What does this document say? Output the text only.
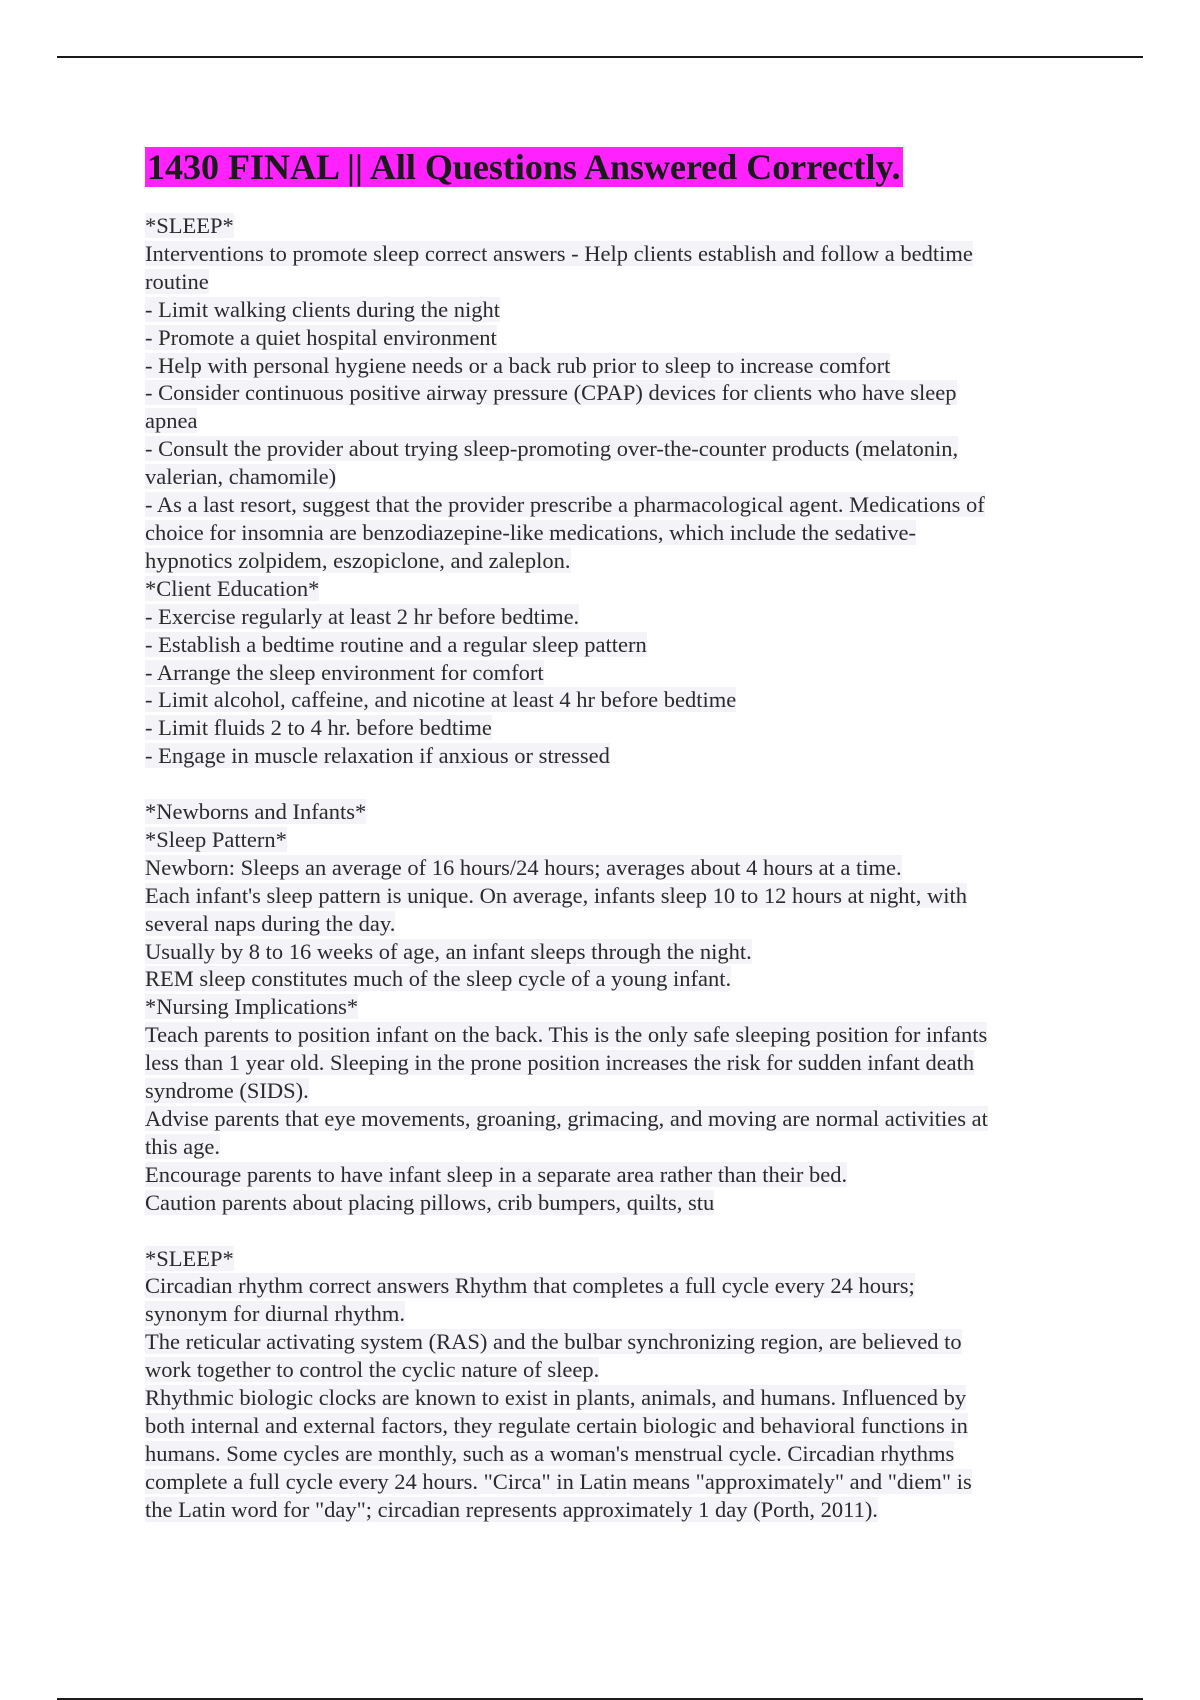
1430 FINAL || All Questions Answered Correctly.
*SLEEP*
Interventions to promote sleep correct answers - Help clients establish and follow a bedtime
routine
- Limit walking clients during the night
- Promote a quiet hospital environment
- Help with personal hygiene needs or a back rub prior to sleep to increase comfort
- Consider continuous positive airway pressure (CPAP) devices for clients who have sleep
apnea
- Consult the provider about trying sleep-promoting over-the-counter products (melatonin,
valerian, chamomile)
- As a last resort, suggest that the provider prescribe a pharmacological agent. Medications of
choice for insomnia are benzodiazepine-like medications, which include the sedative-
hypnotics zolpidem, eszopiclone, and zaleplon.
*Client Education*
- Exercise regularly at least 2 hr before bedtime.
- Establish a bedtime routine and a regular sleep pattern
- Arrange the sleep environment for comfort
- Limit alcohol, caffeine, and nicotine at least 4 hr before bedtime
- Limit fluids 2 to 4 hr. before bedtime
- Engage in muscle relaxation if anxious or stressed
*Newborns and Infants*
*Sleep Pattern*
Newborn: Sleeps an average of 16 hours/24 hours; averages about 4 hours at a time.
Each infant's sleep pattern is unique. On average, infants sleep 10 to 12 hours at night, with
several naps during the day.
Usually by 8 to 16 weeks of age, an infant sleeps through the night.
REM sleep constitutes much of the sleep cycle of a young infant.
*Nursing Implications*
Teach parents to position infant on the back. This is the only safe sleeping position for infants
less than 1 year old. Sleeping in the prone position increases the risk for sudden infant death
syndrome (SIDS).
Advise parents that eye movements, groaning, grimacing, and moving are normal activities at
this age.
Encourage parents to have infant sleep in a separate area rather than their bed.
Caution parents about placing pillows, crib bumpers, quilts, stu
*SLEEP*
Circadian rhythm correct answers Rhythm that completes a full cycle every 24 hours;
synonym for diurnal rhythm.
The reticular activating system (RAS) and the bulbar synchronizing region, are believed to
work together to control the cyclic nature of sleep.
Rhythmic biologic clocks are known to exist in plants, animals, and humans. Influenced by
both internal and external factors, they regulate certain biologic and behavioral functions in
humans. Some cycles are monthly, such as a woman's menstrual cycle. Circadian rhythms
complete a full cycle every 24 hours. "Circa" in Latin means "approximately" and "diem" is
the Latin word for "day"; circadian represents approximately 1 day (Porth, 2011).
